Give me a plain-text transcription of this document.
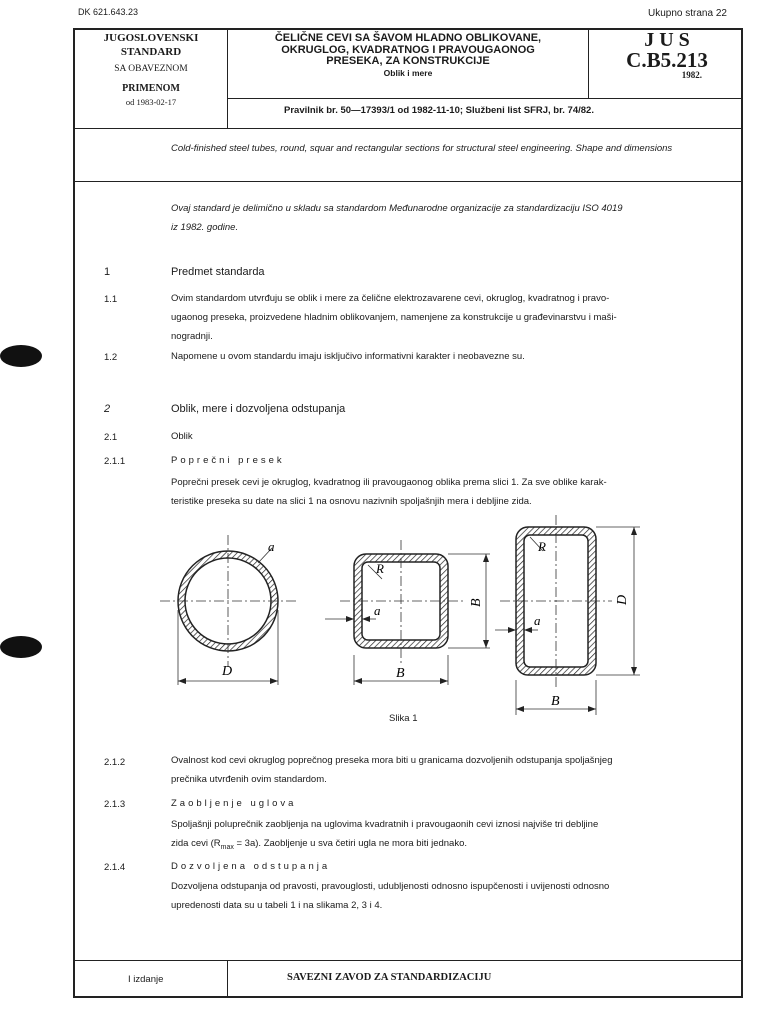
DK 621.643.23	Ukupno strana 22
JUGOSLOVENSKI
STANDARD
SA OBAVEZNOM
PRIMENOM
od 1983-02-17
ČELIČNE CEVI SA ŠAVOM HLADNO OBLIKOVANE,
OKRUGLOG, KVADRATNOG I PRAVOUGAONOG
PRESEKA, ZA KONSTRUKCIJE
Oblik i mere
Pravilnik br. 50—17393/1 od 1982-11-10; Službeni list SFRJ, br. 74/82.
J U S
C.B5.213
1982.
Cold-finished steel tubes, round, squar and rectangular sections for structural steel engineering. Shape and dimensions
Ovaj standard je delimično u skladu sa standardom Međunarodne organizacije za standardizaciju ISO 4019
iz 1982. godine.
1	Predmet standarda
1.1	Ovim standardom utvrđuju se oblik i mere za čelične elektrozavarene cevi, okruglog, kvadratnog i pravo-
ugaonog preseka, proizvedene hladnim oblikovanjem, namenjene za konstrukcije u građevinarstvu i maši-
nogradnji.
1.2	Napomene u ovom standardu imaju isključivo informativni karakter i neobavezne su.
2	Oblik, mere i dozvoljena odstupanja
2.1	Oblik
2.1.1	Poprečni presek
Poprečni presek cevi je okruglog, kvadratnog ili pravougaonog oblika prema slici 1. Za sve oblike karak-
teristike preseka su date na slici 1 na osnovu nazivnih spoljašnjih mera i debljine zida.
a
D
R
a
B
B
R
a
D
B
Slika 1
2.1.2	Ovalnost kod cevi okruglog poprečnog preseka mora biti u granicama dozvoljenih odstupanja spoljašnjeg
prečnika utvrđenih ovim standardom.
2.1.3	Zaobljenje uglova
Spoljašnji poluprečnik zaobljenja na uglovima kvadratnih i pravougaonih cevi iznosi najviše tri debljine
zida cevi $(R_{max} = 3a)$. Zaobljenje u sva četiri ugla ne mora biti jednako.
2.1.4	Dozvoljena odstupanja
Dozvoljena odstupanja od pravosti, pravouglosti, udubljenosti odnosno ispupčenosti i uvijenosti odnosno
upredenosti data su u tabeli 1 i na slikama 2, 3 i 4.
I izdanje	SAVEZNI ZAVOD ZA STANDARDIZACIJU
